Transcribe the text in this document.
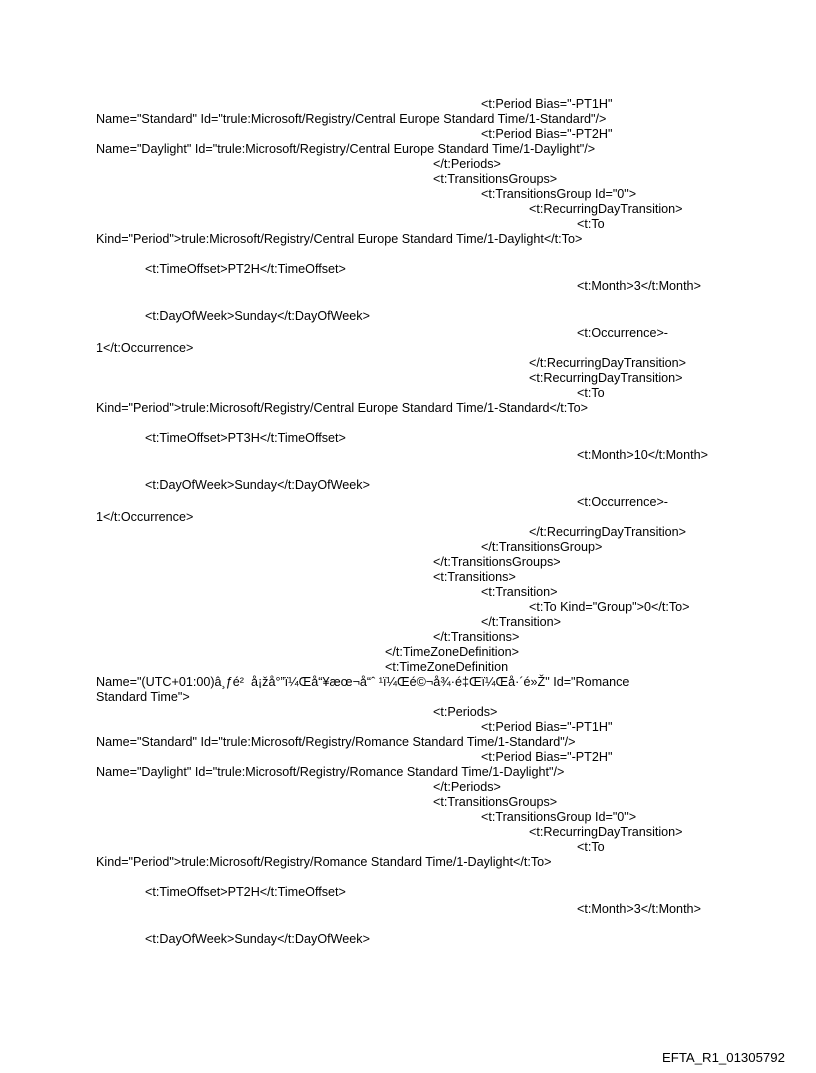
<t:Period Bias="-PT1H"
Name="Standard" Id="trule:Microsoft/Registry/Central Europe Standard Time/1-Standard"/>
<t:Period Bias="-PT2H"
Name="Daylight" Id="trule:Microsoft/Registry/Central Europe Standard Time/1-Daylight"/>
</t:Periods>
<t:TransitionsGroups>
<t:TransitionsGroup Id="0">
<t:RecurringDayTransition>
<t:To
Kind="Period">trule:Microsoft/Registry/Central Europe Standard Time/1-Daylight</t:To>
<t:TimeOffset>PT2H</t:TimeOffset>
<t:Month>3</t:Month>
<t:DayOfWeek>Sunday</t:DayOfWeek>
<t:Occurrence>-
1</t:Occurrence>
</t:RecurringDayTransition>
<t:RecurringDayTransition>
<t:To
Kind="Period">trule:Microsoft/Registry/Central Europe Standard Time/1-Standard</t:To>
<t:TimeOffset>PT3H</t:TimeOffset>
<t:Month>10</t:Month>
<t:DayOfWeek>Sunday</t:DayOfWeek>
<t:Occurrence>-
1</t:Occurrence>
</t:RecurringDayTransition>
</t:TransitionsGroup>
</t:TransitionsGroups>
<t:Transitions>
<t:Transition>
<t:To Kind="Group">0</t:To>
</t:Transition>
</t:Transitions>
</t:TimeZoneDefinition>
<t:TimeZoneDefinition
Name="(UTC+01:00)â¸ƒé²  å¡žå°”ï¼Œå“¥æœ¬å“ˆ ¹ï¼Œé©¬å¾·é‡Œï¼Œå·´é»Ž" Id="Romance
Standard Time">
<t:Periods>
<t:Period Bias="-PT1H"
Name="Standard" Id="trule:Microsoft/Registry/Romance Standard Time/1-Standard"/>
<t:Period Bias="-PT2H"
Name="Daylight" Id="trule:Microsoft/Registry/Romance Standard Time/1-Daylight"/>
</t:Periods>
<t:TransitionsGroups>
<t:TransitionsGroup Id="0">
<t:RecurringDayTransition>
<t:To
Kind="Period">trule:Microsoft/Registry/Romance Standard Time/1-Daylight</t:To>
<t:TimeOffset>PT2H</t:TimeOffset>
<t:Month>3</t:Month>
<t:DayOfWeek>Sunday</t:DayOfWeek>
EFTA_R1_01305792
